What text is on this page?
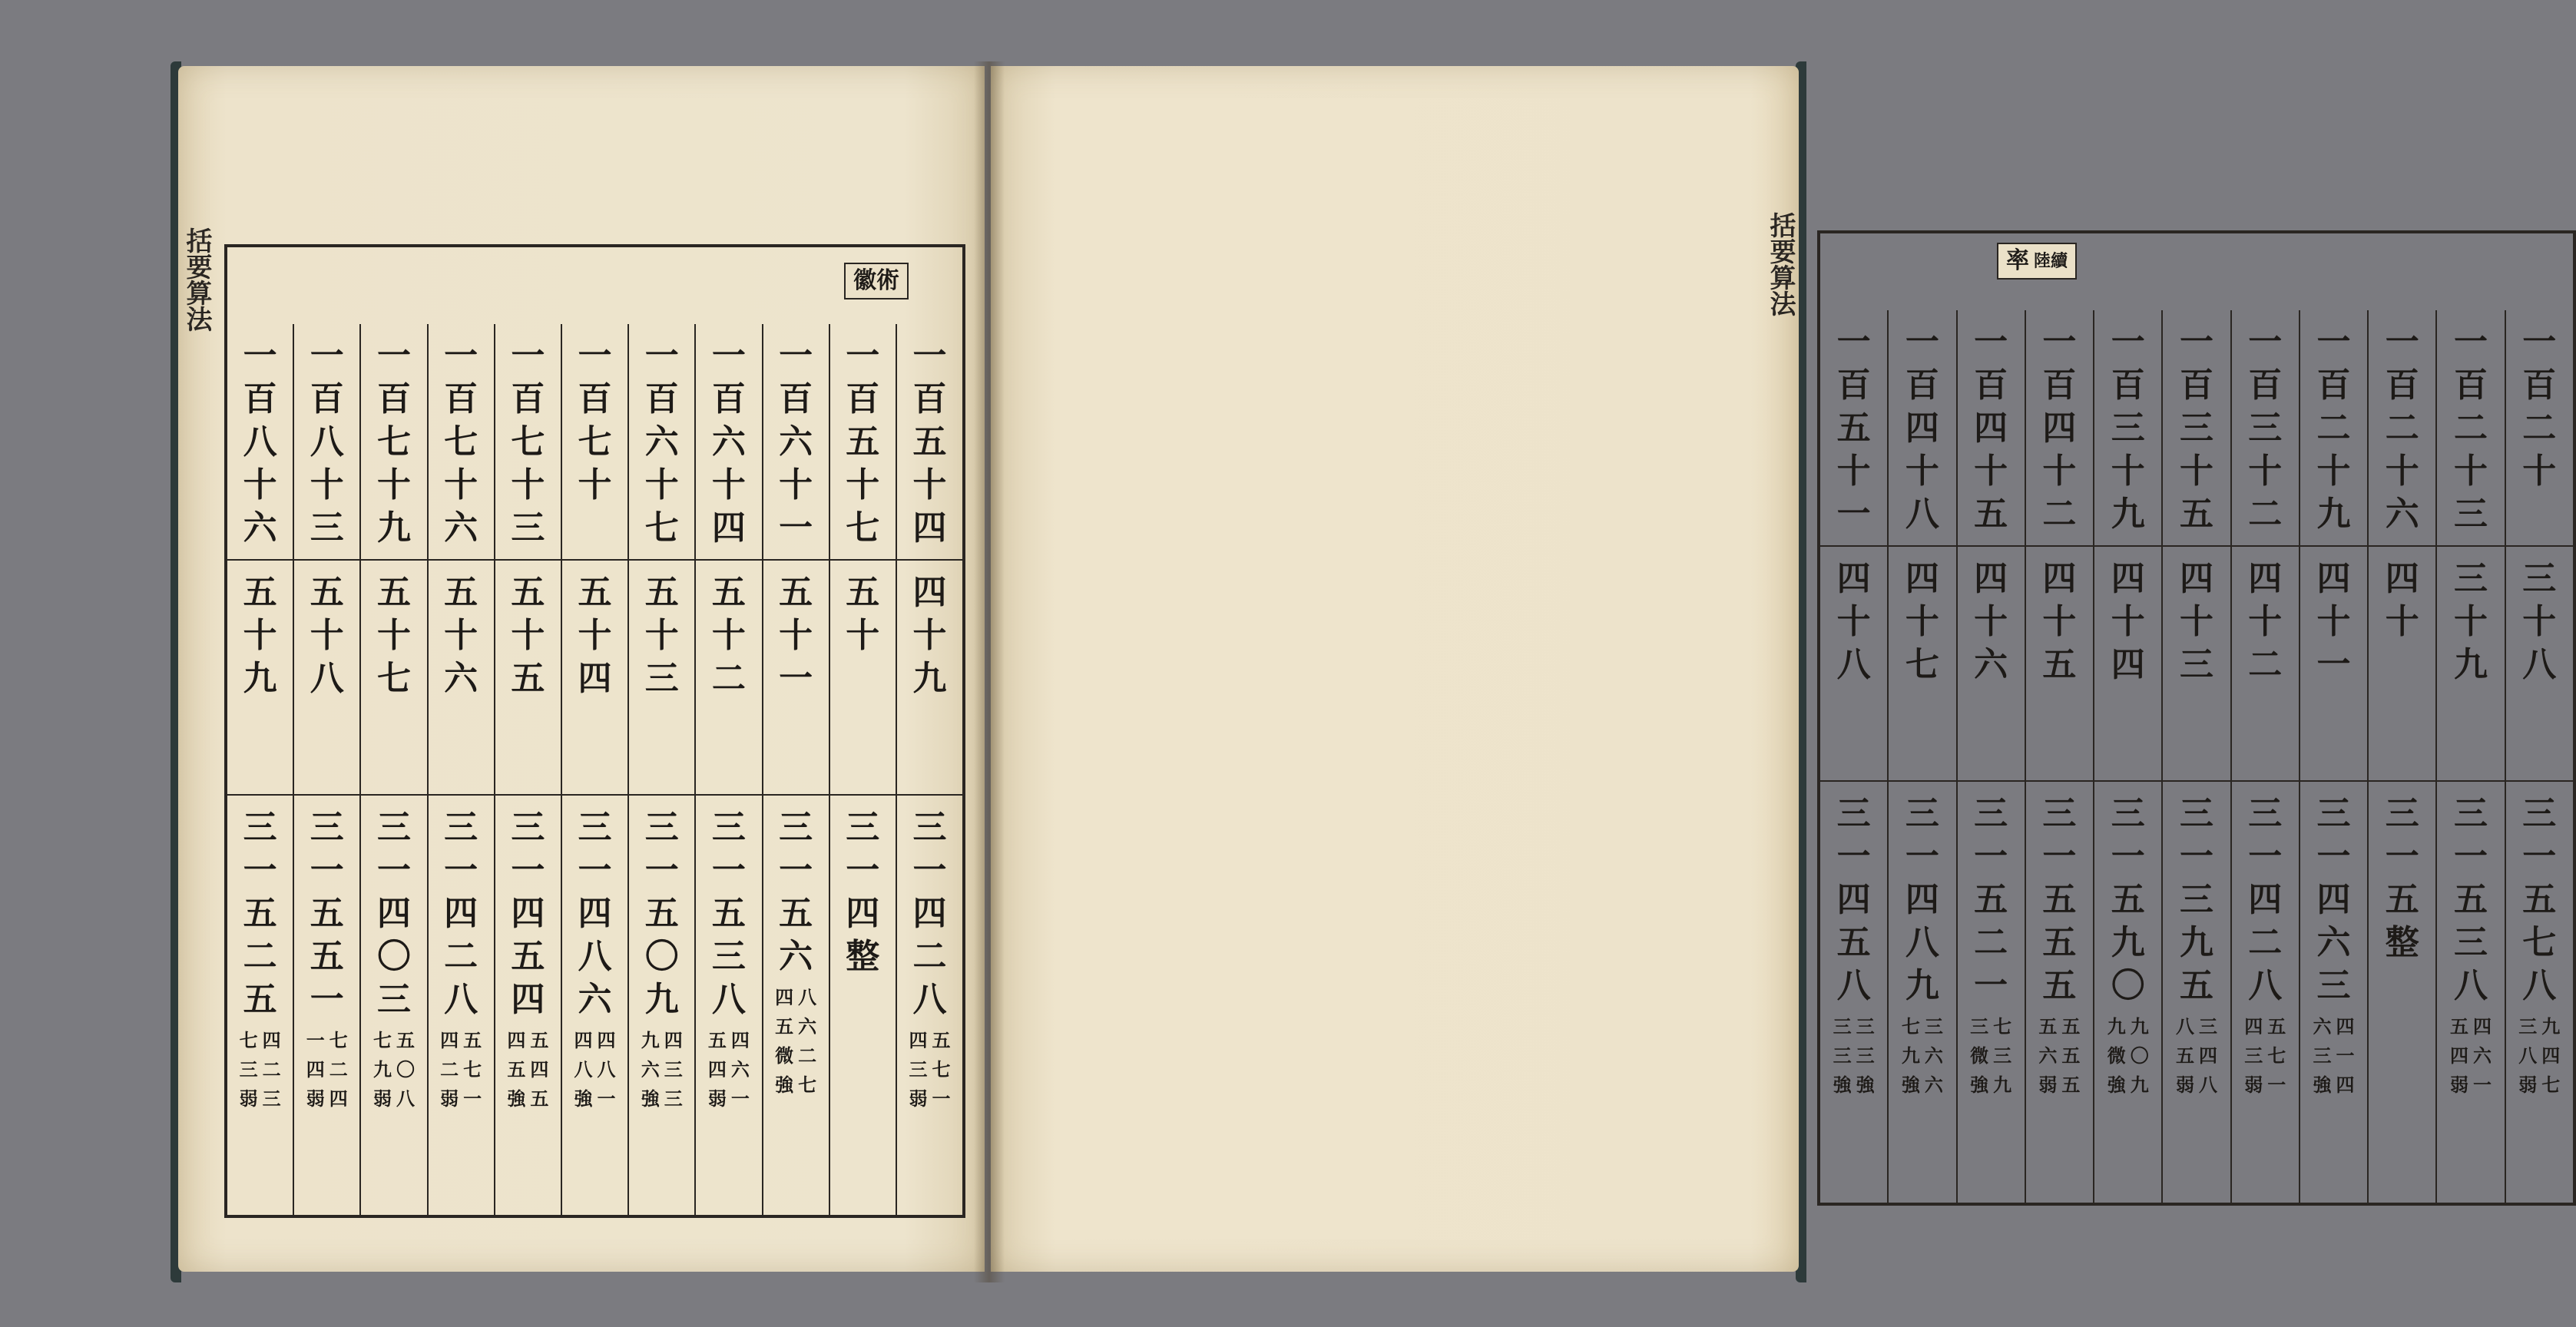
括要算法	徽術
一
百
八
十
六
五
十
九
三
一
五
二
五
七
三
弱
四
二
三
一
百
八
十
三
五
十
八
三
一
五
五
一
一
四
弱
七
二
四
一
百
七
十
九
五
十
七
三
一
四
〇
三
七
九
弱
五
〇
八
一
百
七
十
六
五
十
六
三
一
四
二
八
四
二
弱
五
七
一
一
百
七
十
三
五
十
五
三
一
四
五
四
四
五
強
五
四
五
一
百
七
十
五
十
四
三
一
四
八
六
四
八
強
四
八
一
一
百
六
十
七
五
十
三
三
一
五
〇
九
九
六
強
四
三
三
一
百
六
十
四
五
十
二
三
一
五
三
八
五
四
弱
四
六
一
一
百
六
十
一
五
十
一
三
一
五
六
四
五
微
強
八
六
二
七
一
百
五
十
七
五
十
三
一
四
整
一
百
五
十
四
四
十
九
三
一
四
二
八
四
三
弱
五
七
一
括要算法	率 陸續
一
百
五
十
一
四
十
八
三
一
四
五
八
三
三
強
三
三
強
一
百
四
十
八
四
十
七
三
一
四
八
九
七
九
強
三
六
六
一
百
四
十
五
四
十
六
三
一
五
二
一
三
微
強
七
三
九
一
百
四
十
二
四
十
五
三
一
五
五
五
五
六
弱
五
五
五
一
百
三
十
九
四
十
四
三
一
五
九
〇
九
微
強
九
〇
九
一
百
三
十
五
四
十
三
三
一
三
九
五
八
五
弱
三
四
八
一
百
三
十
二
四
十
二
三
一
四
二
八
四
三
弱
五
七
一
一
百
二
十
九
四
十
一
三
一
四
六
三
六
三
強
四
一
四
一
百
二
十
六
四
十
三
一
五
整
一
百
二
十
三
三
十
九
三
一
五
三
八
五
四
弱
四
六
一
一
百
二
十
三
十
八
三
一
五
七
八
三
八
弱
九
四
七
